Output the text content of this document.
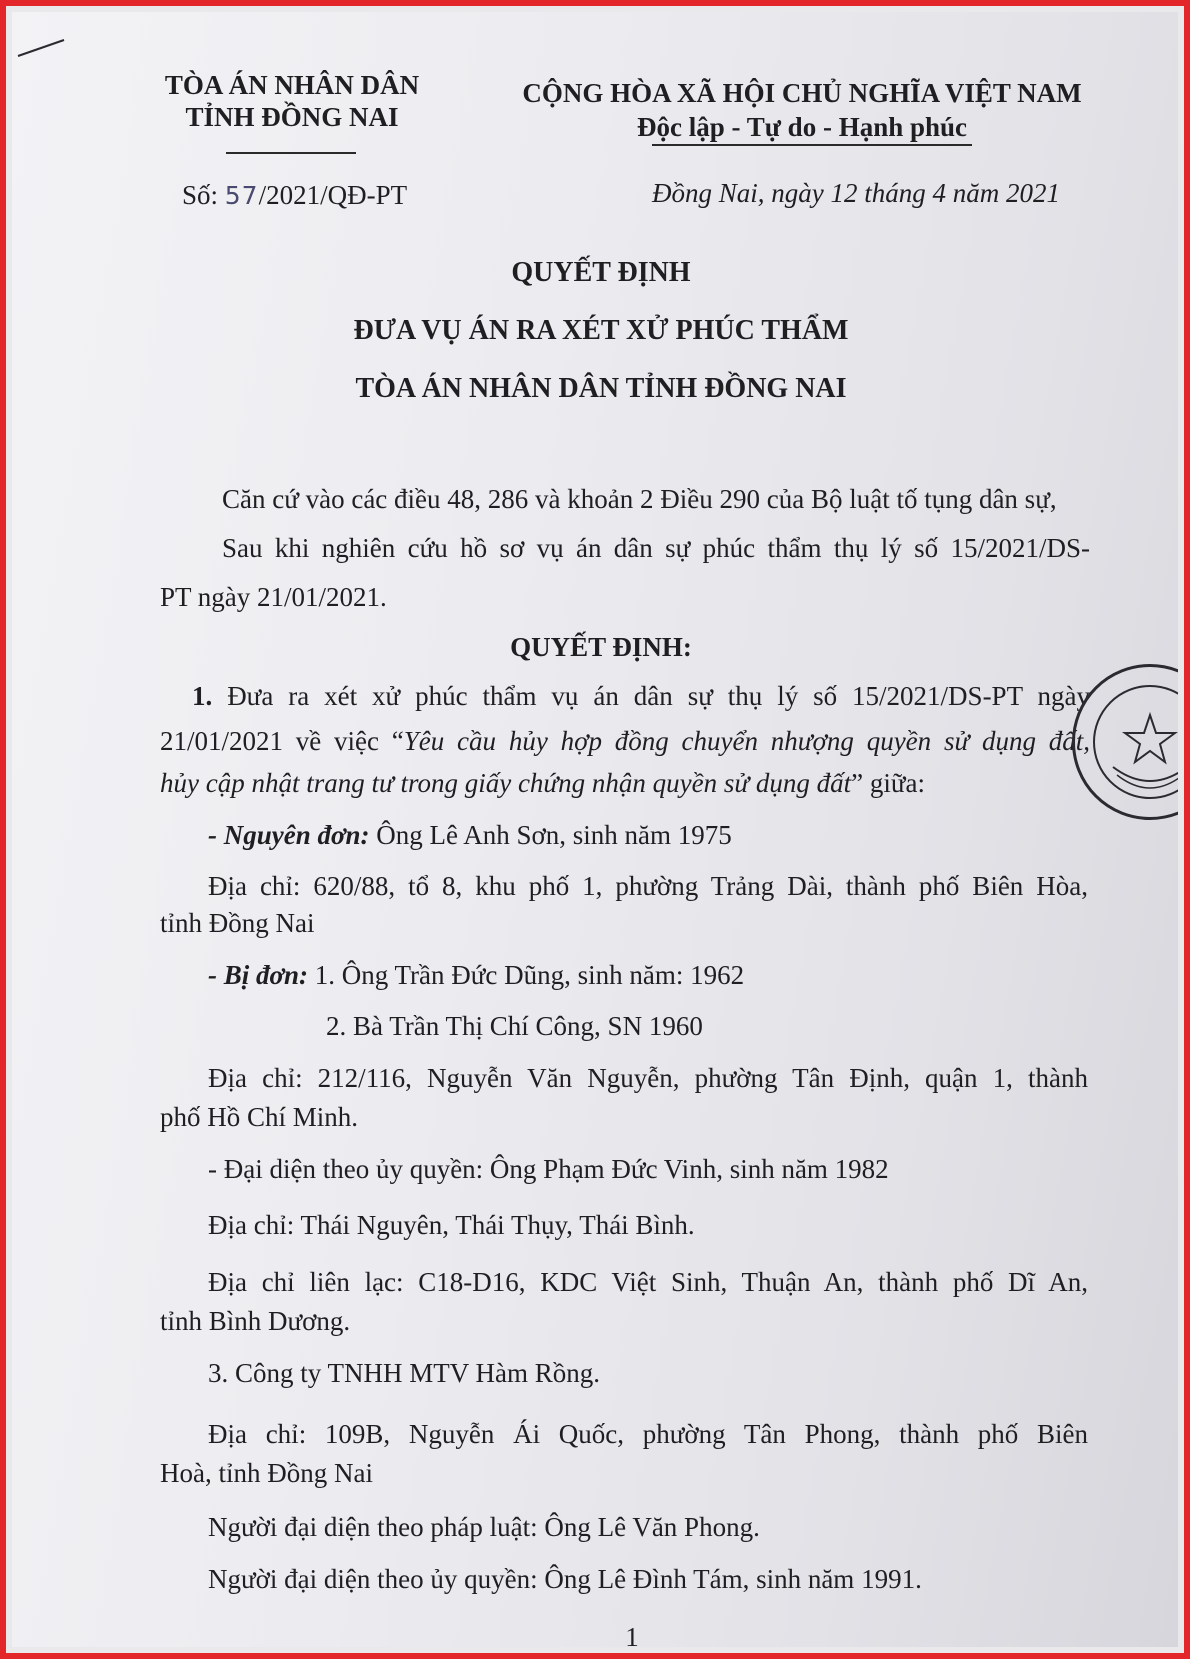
TÒA ÁN NHÂN DÂN
TỈNH ĐỒNG NAI
Số: 57/2021/QĐ-PT
CỘNG HÒA XÃ HỘI CHỦ NGHĨA VIỆT NAM
Độc lập - Tự do - Hạnh phúc
Đồng Nai, ngày 12 tháng 4 năm 2021
QUYẾT ĐỊNH
ĐƯA VỤ ÁN RA XÉT XỬ PHÚC THẨM
TÒA ÁN NHÂN DÂN TỈNH ĐỒNG NAI
Căn cứ vào các điều 48, 286 và khoản 2 Điều 290 của Bộ luật tố tụng dân sự,
Sau khi nghiên cứu hồ sơ vụ án dân sự phúc thẩm thụ lý số 15/2021/DS-
PT ngày 21/01/2021.
QUYẾT ĐỊNH:
1. Đưa ra xét xử phúc thẩm vụ án dân sự thụ lý số 15/2021/DS-PT ngày
21/01/2021 về việc “Yêu cầu hủy hợp đồng chuyển nhượng quyền sử dụng đất,
hủy cập nhật trang tư trong giấy chứng nhận quyền sử dụng đất” giữa:
- Nguyên đơn: Ông Lê Anh Sơn, sinh năm 1975
Địa chỉ: 620/88, tổ 8, khu phố 1, phường Trảng Dài, thành phố Biên Hòa,
tỉnh Đồng Nai
- Bị đơn: 1. Ông Trần Đức Dũng, sinh năm: 1962
2. Bà Trần Thị Chí Công, SN 1960
Địa chỉ: 212/116, Nguyễn Văn Nguyễn, phường Tân Định, quận 1, thành
phố Hồ Chí Minh.
- Đại diện theo ủy quyền: Ông Phạm Đức Vinh, sinh năm 1982
Địa chỉ: Thái Nguyên, Thái Thụy, Thái Bình.
Địa chỉ liên lạc: C18-D16, KDC Việt Sinh, Thuận An, thành phố Dĩ An,
tỉnh Bình Dương.
3. Công ty TNHH MTV Hàm Rồng.
Địa chỉ: 109B, Nguyễn Ái Quốc, phường Tân Phong, thành phố Biên
Hoà, tỉnh Đồng Nai
Người đại diện theo pháp luật: Ông Lê Văn Phong.
Người đại diện theo ủy quyền: Ông Lê Đình Tám, sinh năm 1991.
1
